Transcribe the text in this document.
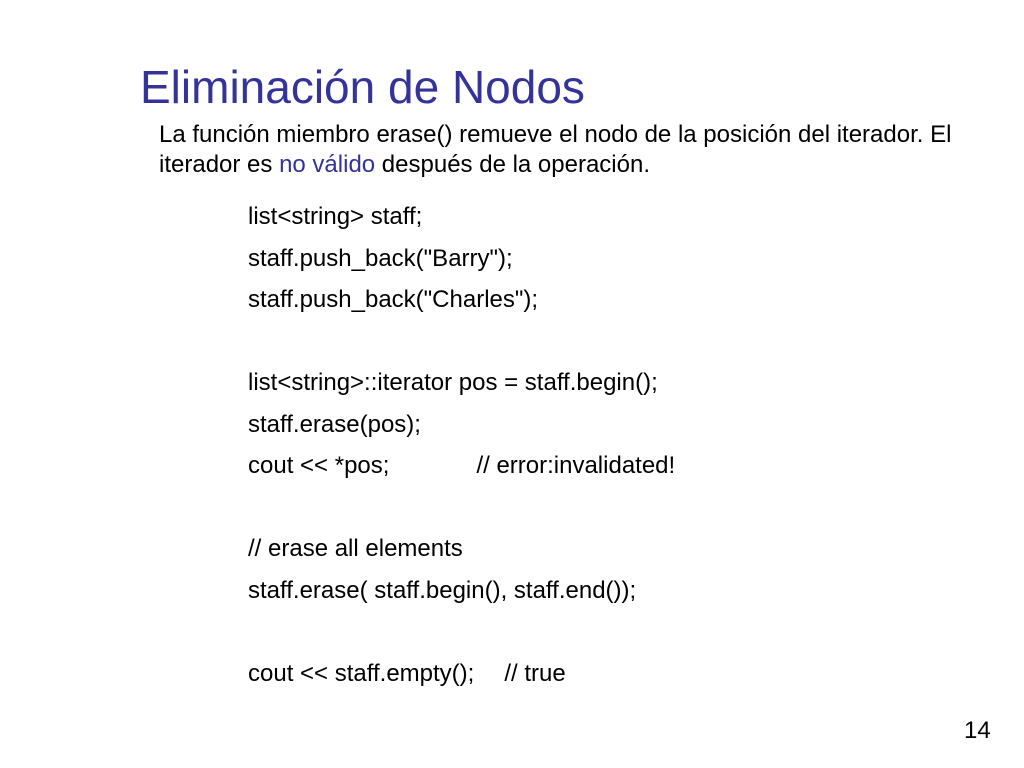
Eliminación de Nodos
La función miembro erase() remueve el nodo de la posición del iterador. El iterador es no válido después de la operación.
list<string> staff;
staff.push_back("Barry");
staff.push_back("Charles");
list<string>::iterator pos = staff.begin();
staff.erase(pos);
cout << *pos;	// error:invalidated!
// erase all elements
staff.erase( staff.begin(), staff.end());
cout << staff.empty(); // true
14
